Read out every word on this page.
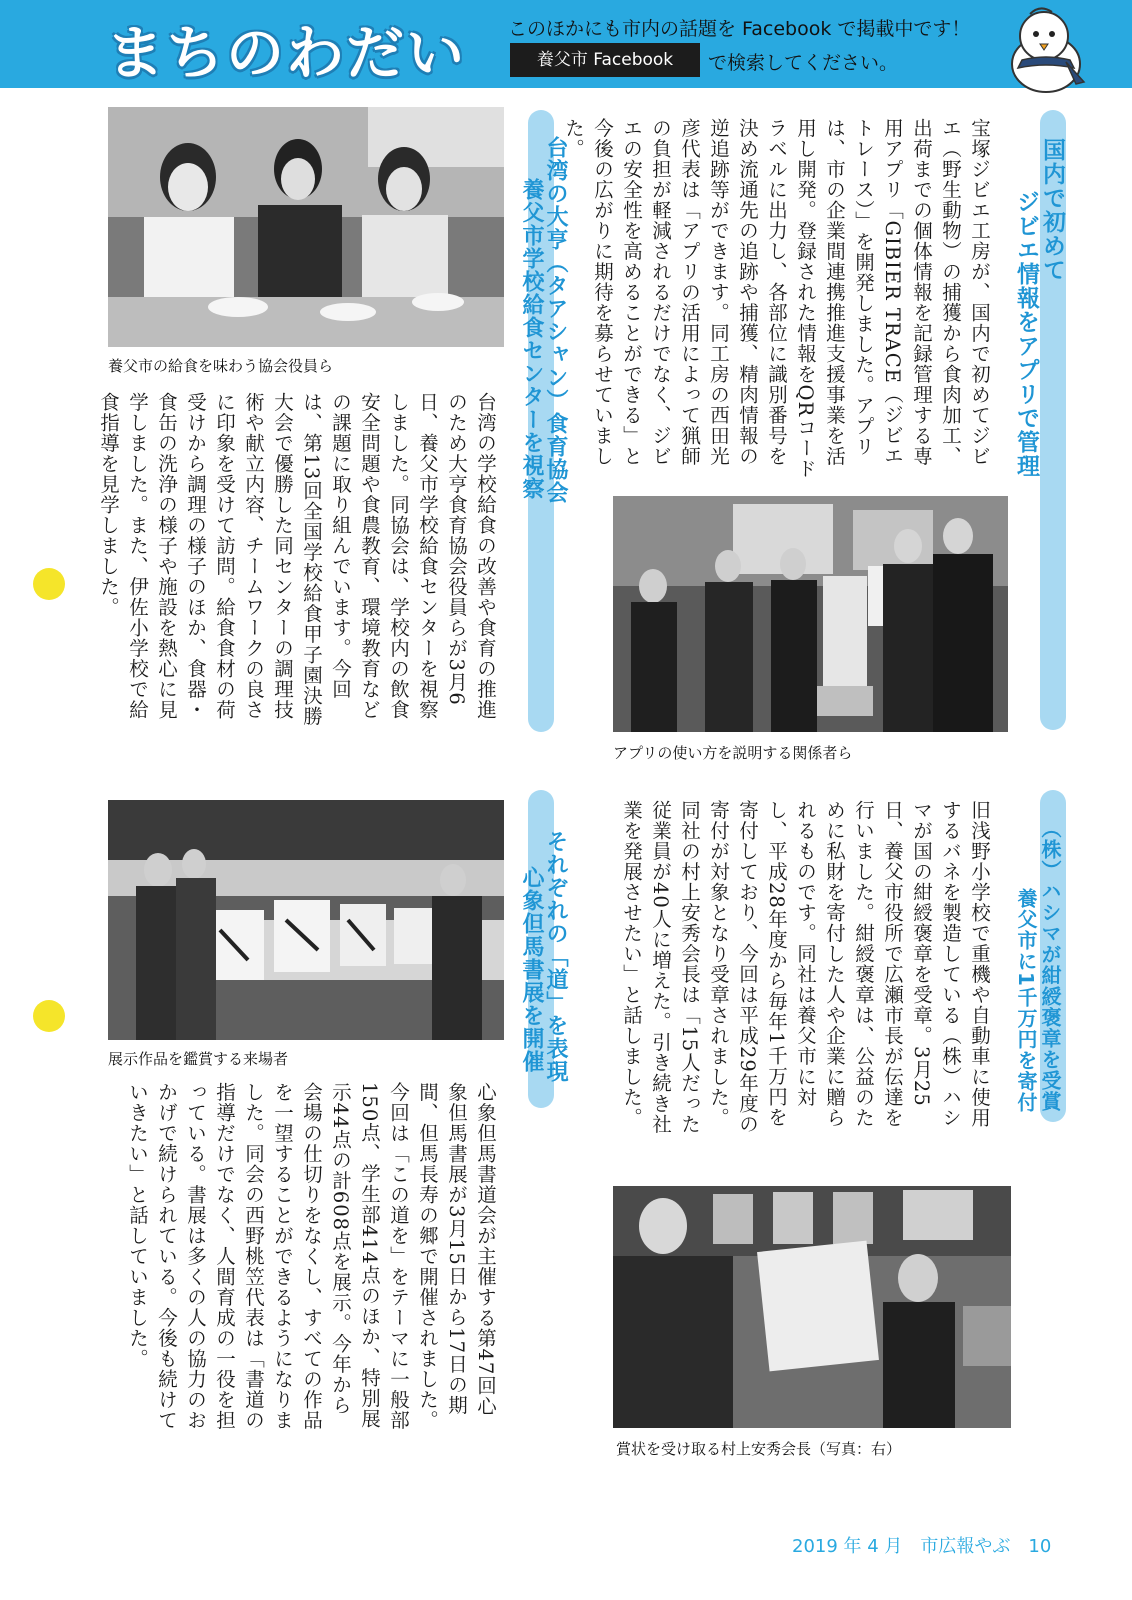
まちのわだい このほかにも市内の話題を Facebook で掲載中です！
養父市 Facebook	で検索してください。
国内で初めて
ジビエ情報をアプリで管理
宝塚ジビエ工房が、国内で初めてジビエ（野生動物）の捕獲から食肉加工、出荷までの個体情報を記録管理する専用アプリ「GIBIER TRACE（ジビエトレース）」を開発しました。アプリは、市の企業間連携推進支援事業を活用し開発。登録された情報をQRコードラベルに出力し、各部位に識別番号を決め流通先の追跡や捕獲、精肉情報の逆追跡等ができます。同工房の西田光彦代表は「アプリの活用によって猟師の負担が軽減されるだけでなく、ジビエの安全性を高めることができる」と今後の広がりに期待を募らせていました。
アプリの使い方を説明する関係者ら
台湾の大亨（タアシャン）食育協会
養父市学校給食センターを視察
養父市の給食を味わう協会役員ら
台湾の学校給食の改善や食育の推進のため大亨食育協会役員らが3月6日、養父市学校給食センターを視察しました。同協会は、学校内の飲食安全問題や食農教育、環境教育などの課題に取り組んでいます。今回は、第13回全国学校給食甲子園決勝大会で優勝した同センターの調理技術や献立内容、チームワークの良さに印象を受けて訪問。給食食材の荷受けから調理の様子のほか、食器・食缶の洗浄の様子や施設を熱心に見学しました。また、伊佐小学校で給食指導を見学しました。
（株）ハシマが紺綬褒章を受賞
養父市に1千万円を寄付
旧浅野小学校で重機や自動車に使用するバネを製造している（株）ハシマが国の紺綬褒章を受章。3月25日、養父市役所で広瀬市長が伝達を行いました。紺綬褒章は、公益のために私財を寄付した人や企業に贈られるものです。同社は養父市に対し、平成28年度から毎年1千万円を寄付しており、今回は平成29年度の寄付が対象となり受章されました。同社の村上安秀会長は「15人だった従業員が40人に増えた。引き続き社業を発展させたい」と話しました。
賞状を受け取る村上安秀会長（写真：右）
それぞれの「道」を表現
心象但馬書展を開催
展示作品を鑑賞する来場者
心象但馬書道会が主催する第47回心象但馬書展が3月15日から17日の期間、但馬長寿の郷で開催されました。今回は「この道を」をテーマに一般部150点、学生部414点のほか、特別展示44点の計608点を展示。今年から会場の仕切りをなくし、すべての作品を一望することができるようになりました。同会の西野桃笠代表は「書道の指導だけでなく、人間育成の一役を担っている。書展は多くの人の協力のおかげで続けられている。今後も続けていきたい」と話していました。
2019 年 4 月　市広報やぶ　10
